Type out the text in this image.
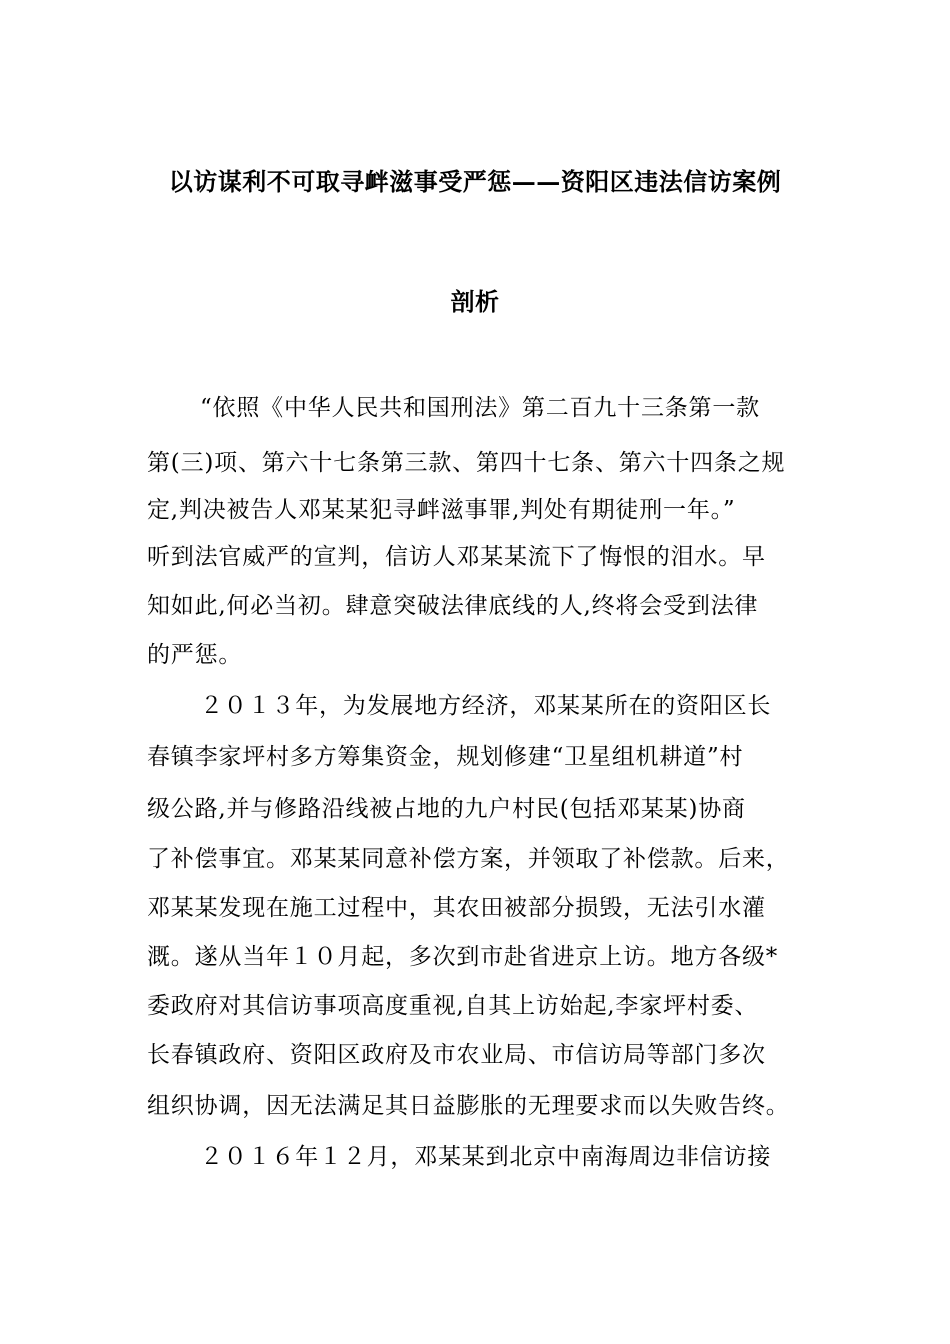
以访谋利不可取寻衅滋事受严惩——资阳区违法信访案例
剖析
“依照《中华人民共和国刑法》第二百九十三条第一款
第(三)项、第六十七条第三款、第四十七条、第六十四条之规
定,判决被告人邓某某犯寻衅滋事罪,判处有期徒刑一年。”
听到法官威严的宣判，信访人邓某某流下了悔恨的泪水。早
知如此,何必当初。肆意突破法律底线的人,终将会受到法律
的严惩。
２０１３年，为发展地方经济，邓某某所在的资阳区长
春镇李家坪村多方筹集资金，规划修建“卫星组机耕道”村
级公路,并与修路沿线被占地的九户村民(包括邓某某)协商
了补偿事宜。邓某某同意补偿方案，并领取了补偿款。后来，
邓某某发现在施工过程中，其农田被部分损毁，无法引水灌
溉。遂从当年１０月起，多次到市赴省进京上访。地方各级*
委政府对其信访事项高度重视,自其上访始起,李家坪村委、
长春镇政府、资阳区政府及市农业局、市信访局等部门多次
组织协调，因无法满足其日益膨胀的无理要求而以失败告终。
２０１６年１２月，邓某某到北京中南海周边非信访接
